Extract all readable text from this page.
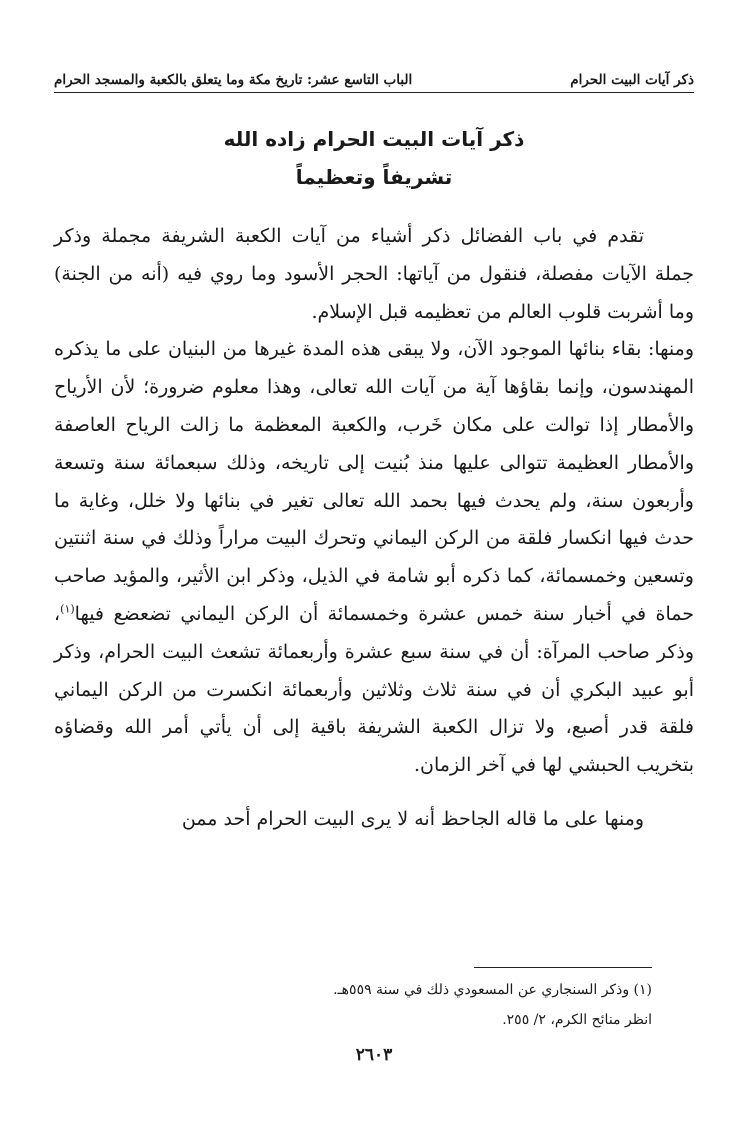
ذكر آيات البيت الحرام
الباب التاسع عشر: تاريخ مكة وما يتعلق بالكعبة والمسجد الحرام
ذكر آيات البيت الحرام زاده الله
تشريفاً وتعظيماً

تقدم في باب الفضائل ذكر أشياء من آيات الكعبة الشريفة مجملة وذكر جملة الآيات مفصلة، فنقول من آياتها: الحجر الأسود وما روي فيه (أنه من الجنة) وما أشربت قلوب العالم من تعظيمه قبل الإسلام.

ومنها: بقاء بنائها الموجود الآن، ولا يبقى هذه المدة غيرها من البنيان على ما يذكره المهندسون، وإنما بقاؤها آية من آيات الله تعالى، وهذا معلوم ضرورة؛ لأن الأرياح والأمطار إذا توالت على مكان خَرب، والكعبة المعظمة ما زالت الرياح العاصفة والأمطار العظيمة تتوالى عليها منذ بُنيت إلى تاريخه، وذلك سبعمائة سنة وتسعة وأربعون سنة، ولم يحدث فيها بحمد الله تعالى تغير في بنائها ولا خلل، وغاية ما حدث فيها انكسار فلقة من الركن اليماني وتحرك البيت مراراً وذلك في سنة اثنتين وتسعين وخمسمائة، كما ذكره أبو شامة في الذيل، وذكر ابن الأثير، والمؤيد صاحب حماة في أخبار سنة خمس عشرة وخمسمائة أن الركن اليماني تضعضع فيها$^{(١)}$، وذكر صاحب المرآة: أن في سنة سبع عشرة وأربعمائة تشعث البيت الحرام، وذكر أبو عبيد البكري أن في سنة ثلاث وثلاثين وأربعمائة انكسرت من الركن اليماني فلقة قدر أصبع، ولا تزال الكعبة الشريفة باقية إلى أن يأتي أمر الله وقضاؤه بتخريب الحبشي لها في آخر الزمان.

ومنها على ما قاله الجاحظ أنه لا يرى البيت الحرام أحد ممن

(١) وذكر السنجاري عن المسعودي ذلك في سنة ٥٥٩هـ.

انظر منائح الكرم، ٢/ ٢٥٥.

٢٦٠٣
